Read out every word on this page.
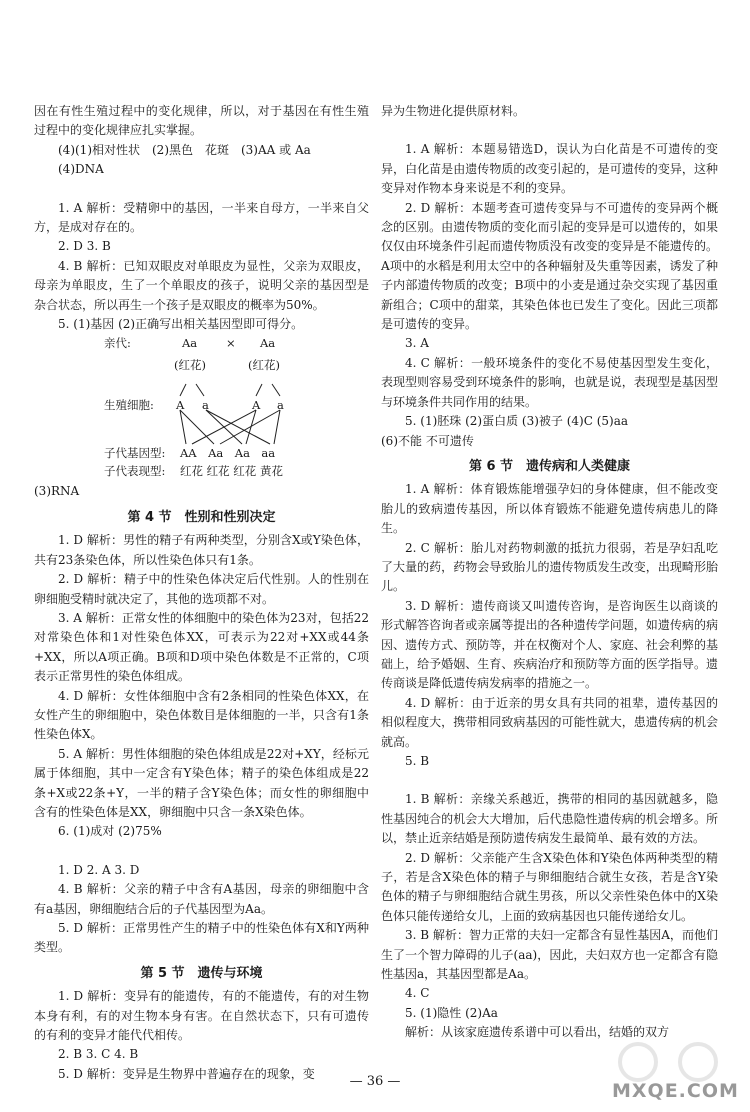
因在有性生殖过程中的变化规律，所以，对于基因在有性生殖过程中的变化规律应扎实掌握。

(4)(1)相对性状　(2)黑色　花斑　(3)AA 或 Aa

(4)DNA

1. A 解析：受精卵中的基因，一半来自母方，一半来自父方，是成对存在的。

2. D 3. B

4. B 解析：已知双眼皮对单眼皮为显性，父亲为双眼皮，母亲为单眼皮，生了一个单眼皮的孩子，说明父亲的基因型是杂合状态，所以再生一个孩子是双眼皮的概率为50%。

5. (1)基因 (2)正确写出相关基因型即可得分。

亲代:	Aa	× Aa
(红花)	(红花)
生殖细胞: A a	A a
子代基因型: AA　Aa　Aa　aa
子代表现型: 红花 红花 红花 黄花

(3)RNA

第 4 节　性别和性别决定

1. D 解析：男性的精子有两种类型，分别含X或Y染色体，共有23条染色体，所以性染色体只有1条。

2. D 解析：精子中的性染色体决定后代性别。人的性别在卵细胞受精时就决定了，其他的选项都不对。

3. A 解析：正常女性的体细胞中的染色体为23对，包括22对常染色体和1对性染色体XX，可表示为22对+XX或44条+XX，所以A项正确。B项和D项中染色体数是不正常的，C项表示正常男性的染色体组成。

4. D 解析：女性体细胞中含有2条相同的性染色体XX，在女性产生的卵细胞中，染色体数目是体细胞的一半，只含有1条性染色体X。

5. A 解析：男性体细胞的染色体组成是22对+XY，经标元属于体细胞，其中一定含有Y染色体；精子的染色体组成是22条+X或22条+Y，一半的精子含Y染色体；而女性的卵细胞中含有的性染色体是XX，卵细胞中只含一条X染色体。

6. (1)成对 (2)75%

1. D 2. A 3. D

4. B 解析：父亲的精子中含有A基因，母亲的卵细胞中含有a基因，卵细胞结合后的子代基因型为Aa。

5. D 解析：正常男性产生的精子中的性染色体有X和Y两种类型。

第 5 节　遗传与环境

1. D 解析：变异有的能遗传，有的不能遗传，有的对生物本身有利，有的对生物本身有害。在自然状态下，只有可遗传的有利的变异才能代代相传。

2. B 3. C 4. B

5. D 解析：变异是生物界中普遍存在的现象，变

异为生物进化提供原材料。

1. A 解析：本题易错选D，误认为白化苗是不可遗传的变异，白化苗是由遗传物质的改变引起的，是可遗传的变异，这种变异对作物本身来说是不利的变异。

2. D 解析：本题考查可遗传变异与不可遗传的变异两个概念的区别。由遗传物质的变化而引起的变异是可以遗传的，如果仅仅由环境条件引起而遗传物质没有改变的变异是不能遗传的。A项中的水稻是利用太空中的各种辐射及失重等因素，诱发了种子内部遗传物质的改变；B项中的小麦是通过杂交实现了基因重新组合；C项中的甜菜，其染色体也已发生了变化。因此三项都是可遗传的变异。

3. A

4. C 解析：一般环境条件的变化不易使基因型发生变化，表现型则容易受到环境条件的影响，也就是说，表现型是基因型与环境条件共同作用的结果。

5. (1)胚珠 (2)蛋白质 (3)被子 (4)C (5)aa

(6)不能 不可遗传

第 6 节　遗传病和人类健康

1. A 解析：体育锻炼能增强孕妇的身体健康，但不能改变胎儿的致病遗传基因，所以体育锻炼不能避免遗传病患儿的降生。

2. C 解析：胎儿对药物刺激的抵抗力很弱，若是孕妇乱吃了大量的药，药物会导致胎儿的遗传物质发生改变，出现畸形胎儿。

3. D 解析：遗传商谈又叫遗传咨询，是咨询医生以商谈的形式解答咨询者或亲属等提出的各种遗传学问题，如遗传病的病因、遗传方式、预防等，并在权衡对个人、家庭、社会利弊的基础上，给予婚姻、生育、疾病治疗和预防等方面的医学指导。遗传商谈是降低遗传病发病率的措施之一。

4. D 解析：由于近亲的男女具有共同的祖辈，遗传基因的相似程度大，携带相同致病基因的可能性就大，患遗传病的机会就高。

5. B

1. B 解析：亲缘关系越近，携带的相同的基因就越多，隐性基因纯合的机会大大增加，后代患隐性遗传病的机会增多。所以，禁止近亲结婚是预防遗传病发生最简单、最有效的方法。

2. D 解析：父亲能产生含X染色体和Y染色体两种类型的精子，若是含X染色体的精子与卵细胞结合就生女孩，若是含Y染色体的精子与卵细胞结合就生男孩，所以父亲性染色体中的X染色体只能传递给女儿，上面的致病基因也只能传递给女儿。

3. B 解析：智力正常的夫妇一定都含有显性基因A，而他们生了一个智力障碍的儿子(aa)，因此，夫妇双方也一定都含有隐性基因a，其基因型都是Aa。

4. C

5. (1)隐性 (2)Aa

解析：从该家庭遗传系谱中可以看出，结婚的双方

— 36 —	MXQE.COM
